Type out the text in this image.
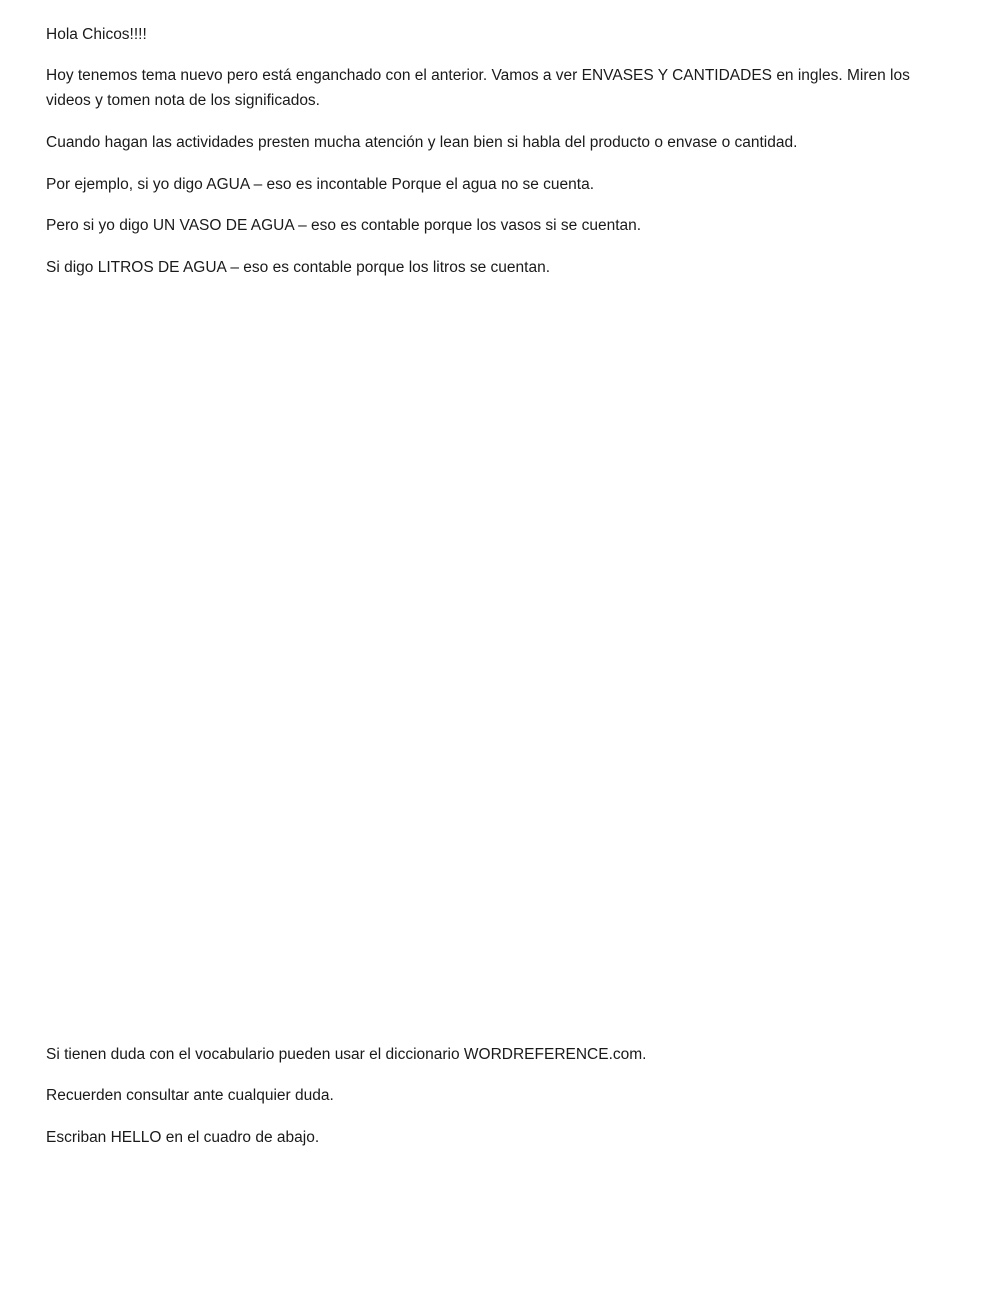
Hola Chicos!!!!

Hoy tenemos tema nuevo pero está enganchado con el anterior. Vamos a ver ENVASES Y CANTIDADES en ingles. Miren los videos y tomen nota de los significados.

Cuando hagan las actividades presten mucha atención y lean bien si habla del producto o envase o cantidad.

Por ejemplo, si yo digo AGUA – eso es incontable Porque el agua no se cuenta.

Pero si yo digo UN VASO DE AGUA – eso es contable porque los vasos si se cuentan.

Si digo LITROS DE AGUA – eso es contable porque los litros se cuentan.

Si tienen duda con el vocabulario pueden usar el diccionario WORDREFERENCE.com.

Recuerden consultar ante cualquier duda.

Escriban HELLO en el cuadro de abajo.
